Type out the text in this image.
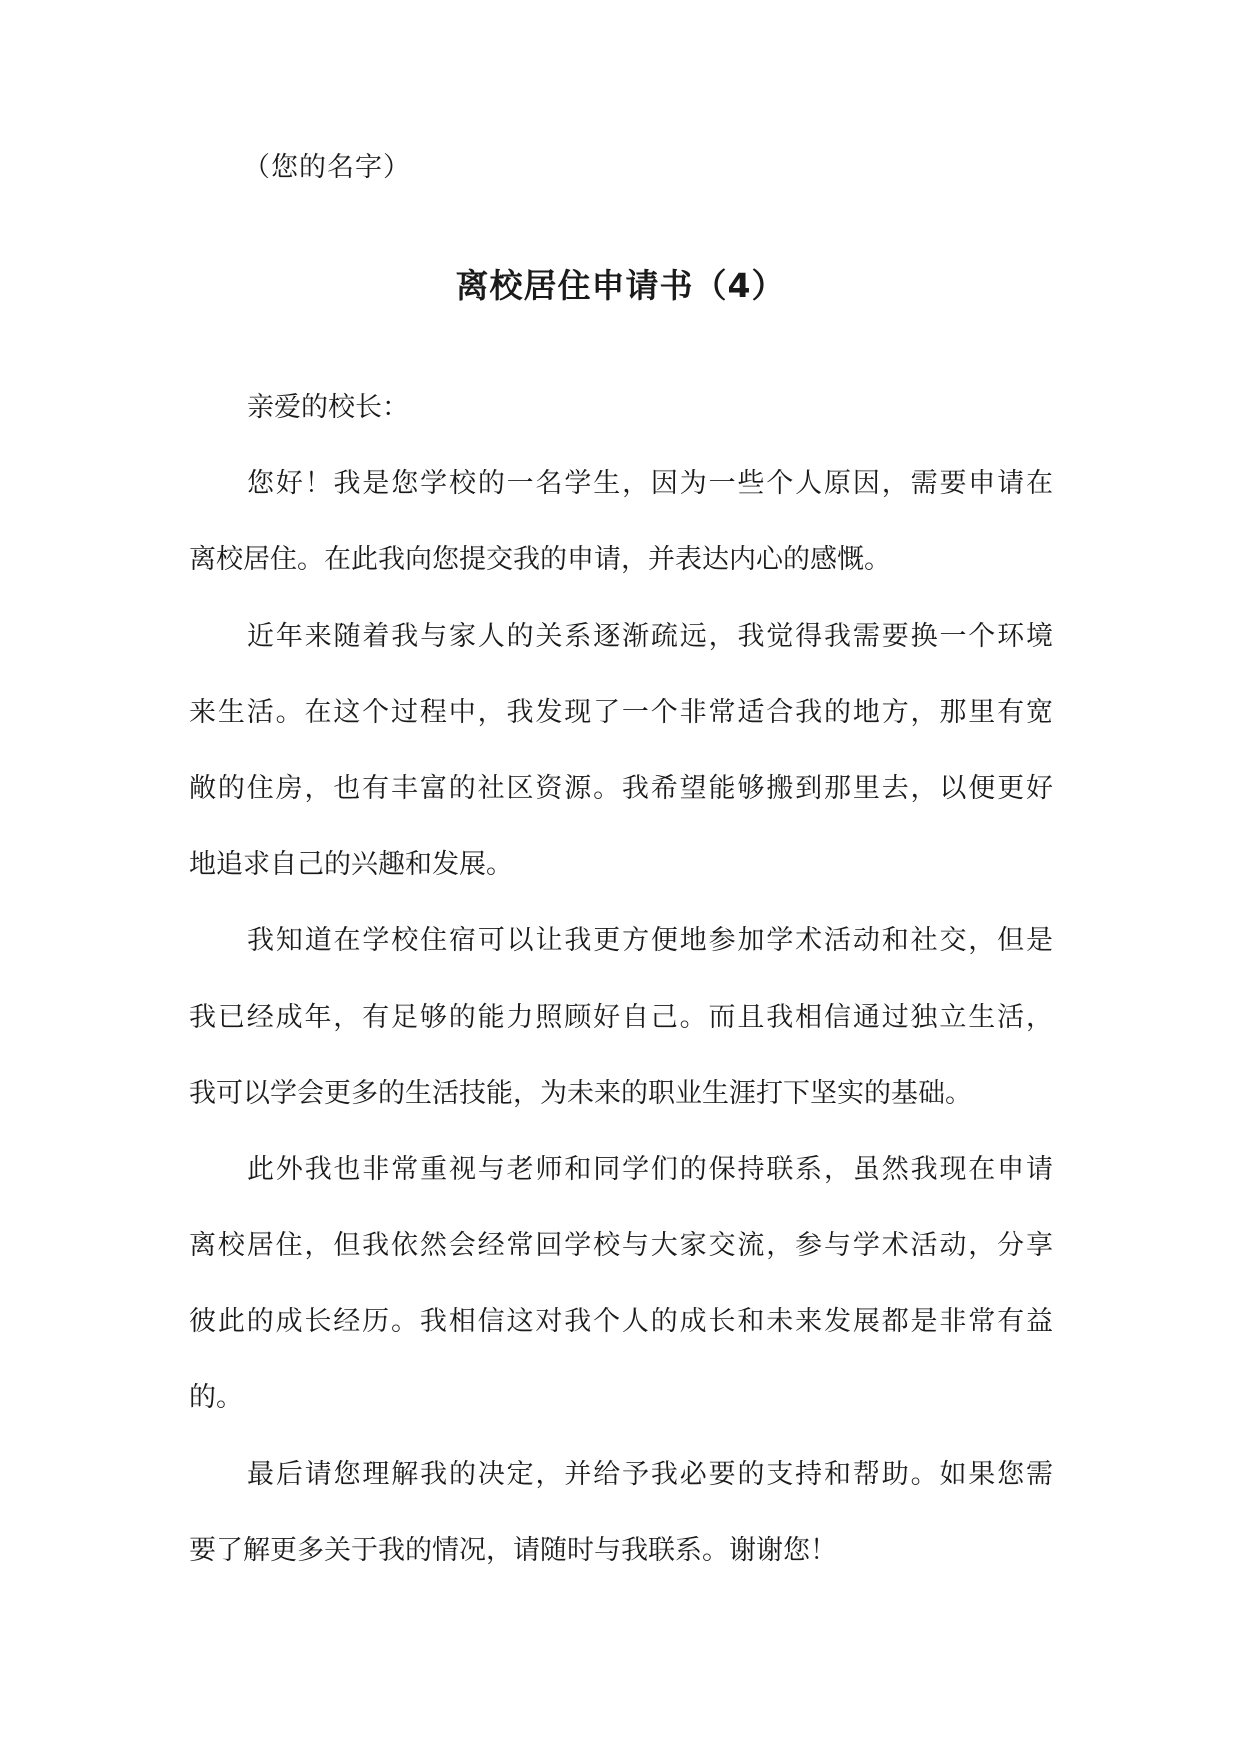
（您的名字）
离校居住申请书（4）
亲爱的校长：
您好！我是您学校的一名学生，因为一些个人原因，需要申请在
离校居住。在此我向您提交我的申请，并表达内心的感慨。
近年来随着我与家人的关系逐渐疏远，我觉得我需要换一个环境
来生活。在这个过程中，我发现了一个非常适合我的地方，那里有宽
敞的住房，也有丰富的社区资源。我希望能够搬到那里去，以便更好
地追求自己的兴趣和发展。
我知道在学校住宿可以让我更方便地参加学术活动和社交，但是
我已经成年，有足够的能力照顾好自己。而且我相信通过独立生活，
我可以学会更多的生活技能，为未来的职业生涯打下坚实的基础。
此外我也非常重视与老师和同学们的保持联系，虽然我现在申请
离校居住，但我依然会经常回学校与大家交流，参与学术活动，分享
彼此的成长经历。我相信这对我个人的成长和未来发展都是非常有益
的。
最后请您理解我的决定，并给予我必要的支持和帮助。如果您需
要了解更多关于我的情况，请随时与我联系。谢谢您！
